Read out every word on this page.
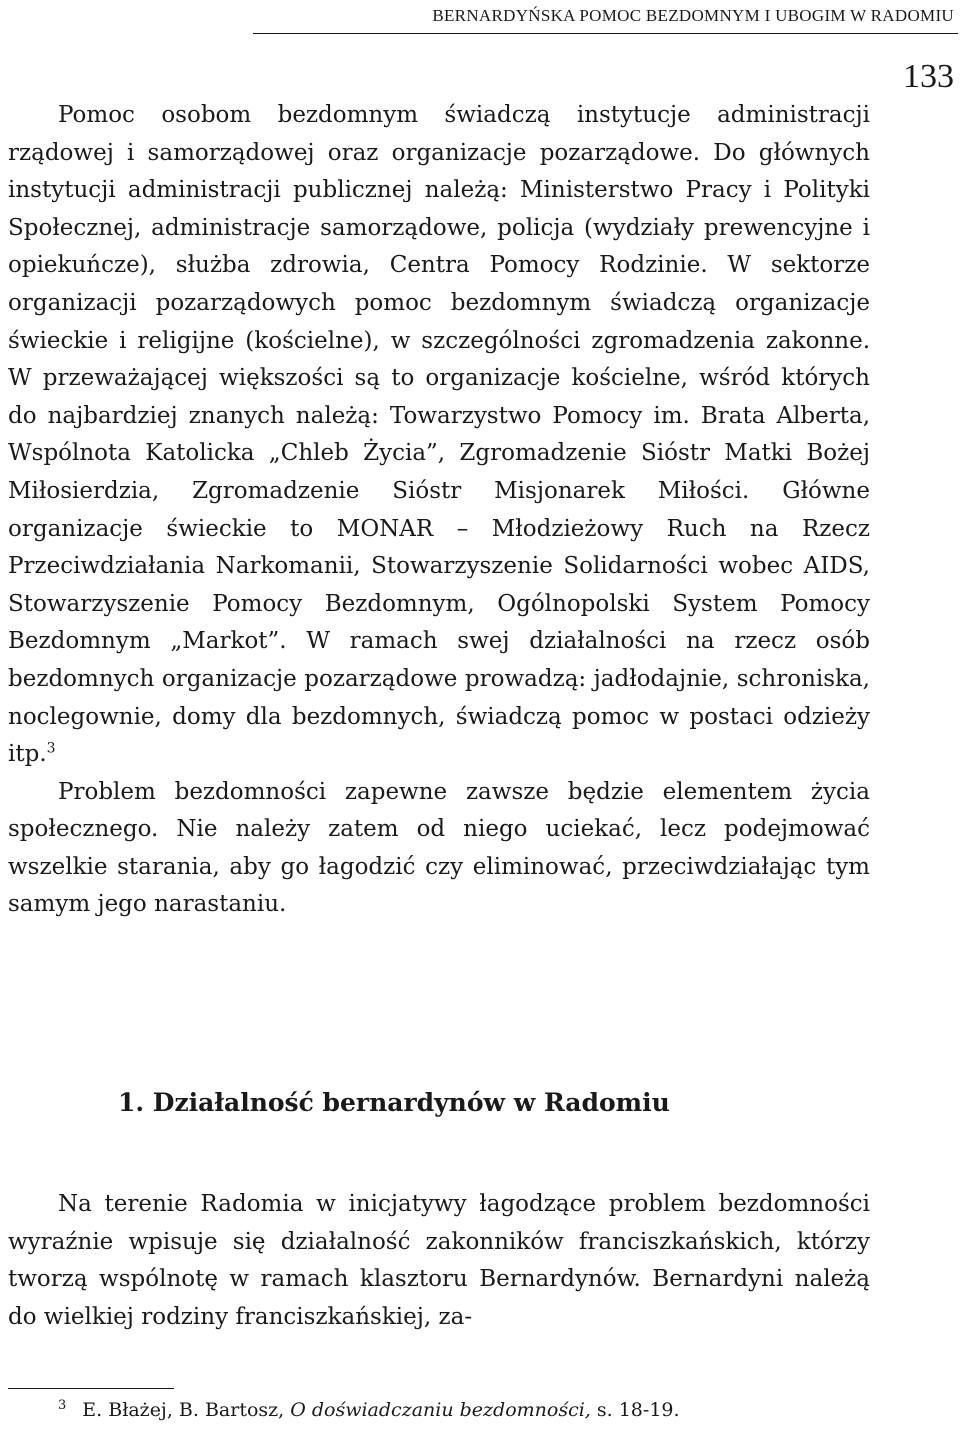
BERNARDYŃSKA POMOC BEZDOMNYM I UBOGIM W RADOMIU
133

Pomoc osobom bezdomnym świadczą instytucje administracji rządowej i samorządowej oraz organizacje pozarządowe. Do głównych instytucji administracji publicznej należą: Ministerstwo Pracy i Polityki Społecznej, administracje samorządowe, policja (wydziały prewencyjne i opiekuńcze), służba zdrowia, Centra Pomocy Rodzinie. W sektorze organizacji pozarządowych pomoc bezdomnym świadczą organizacje świeckie i religijne (kościelne), w szczególności zgromadzenia zakonne. W przeważającej większości są to organizacje kościelne, wśród których do najbardziej znanych należą: Towarzystwo Pomocy im. Brata Alberta, Wspólnota Katolicka „Chleb Życia”, Zgromadzenie Sióstr Matki Bożej Miłosierdzia, Zgromadzenie Sióstr Misjonarek Miłości. Główne organizacje świeckie to MONAR – Młodzieżowy Ruch na Rzecz Przeciwdziałania Narkomanii, Stowarzyszenie Solidarności wobec AIDS, Stowarzyszenie Pomocy Bezdomnym, Ogólnopolski System Pomocy Bezdomnym „Markot”. W ramach swej działalności na rzecz osób bezdomnych organizacje pozarządowe prowadzą: jadłodajnie, schroniska, noclegownie, domy dla bezdomnych, świadczą pomoc w postaci odzieży itp.$^3$

Problem bezdomności zapewne zawsze będzie elementem życia społecznego. Nie należy zatem od niego uciekać, lecz podejmować wszelkie starania, aby go łagodzić czy eliminować, przeciwdziałając tym samym jego narastaniu.

1. Działalność bernardynów w Radomiu

Na terenie Radomia w inicjatywy łagodzące problem bezdomności wyraźnie wpisuje się działalność zakonników franciszkańskich, którzy tworzą wspólnotę w ramach klasztoru Bernardynów. Bernardyni należą do wielkiej rodziny franciszkańskiej, za-

$^3$ E. Błażej, B. Bartosz, O doświadczaniu bezdomności, s. 18-19.
